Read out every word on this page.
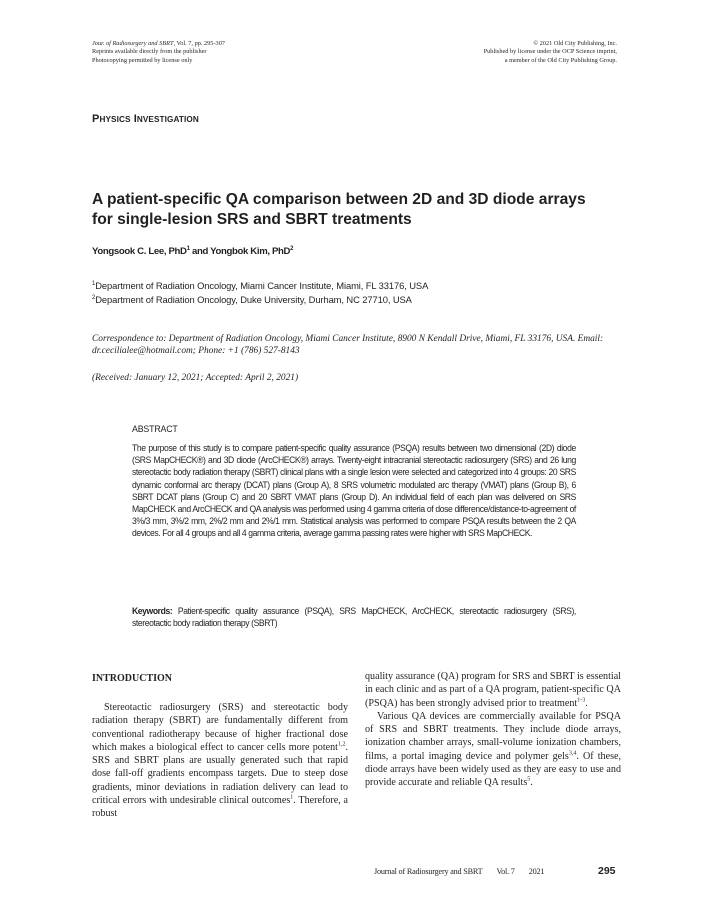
Jour. of Radiosurgery and SBRT, Vol. 7, pp. 295-307
Reprints available directly from the publisher
Photocopying permitted by license only
© 2021 Old City Publishing, Inc.
Published by license under the OCP Science imprint,
a member of the Old City Publishing Group.
PHYSICS INVESTIGATION
A patient-specific QA comparison between 2D and 3D diode arrays
for single-lesion SRS and SBRT treatments
Yongsook C. Lee, PhD$^1$ and Yongbok Kim, PhD$^2$
$^1$Department of Radiation Oncology, Miami Cancer Institute, Miami, FL 33176, USA
$^2$Department of Radiation Oncology, Duke University, Durham, NC 27710, USA
Correspondence to: Department of Radiation Oncology, Miami Cancer Institute, 8900 N Kendall Drive, Miami, FL 33176, USA. Email: dr.cecilialee@hotmail.com; Phone: +1 (786) 527-8143
(Received: January 12, 2021; Accepted: April 2, 2021)
ABSTRACT
The purpose of this study is to compare patient-specific quality assurance (PSQA) results between two dimensional (2D) diode (SRS MapCHECK®) and 3D diode (ArcCHECK®) arrays. Twenty-eight intracranial stereotactic radiosurgery (SRS) and 26 lung stereotactic body radiation therapy (SBRT) clinical plans with a single lesion were selected and categorized into 4 groups: 20 SRS dynamic conformal arc therapy (DCAT) plans (Group A), 8 SRS volumetric modulated arc therapy (VMAT) plans (Group B), 6 SBRT DCAT plans (Group C) and 20 SBRT VMAT plans (Group D). An individual field of each plan was delivered on SRS MapCHECK and ArcCHECK and QA analysis was performed using 4 gamma criteria of dose difference/distance-to-agreement of 3%/3 mm, 3%/2 mm, 2%/2 mm and 2%/1 mm. Statistical analysis was performed to compare PSQA results between the 2 QA devices. For all 4 groups and all 4 gamma criteria, average gamma passing rates were higher with SRS MapCHECK.
Keywords: Patient-specific quality assurance (PSQA), SRS MapCHECK, ArcCHECK, stereotactic radiosurgery (SRS), stereotactic body radiation therapy (SBRT)
INTRODUCTION

Stereotactic radiosurgery (SRS) and stereotactic body radiation therapy (SBRT) are fundamentally different from conventional radiotherapy because of higher fractional dose which makes a biological effect to cancer cells more potent$^{1,2}$. SRS and SBRT plans are usually generated such that rapid dose fall-off gradients encompass targets. Due to steep dose gradients, minor deviations in radiation delivery can lead to critical errors with undesirable clinical outcomes$^1$. Therefore, a robust

quality assurance (QA) program for SRS and SBRT is essential in each clinic and as part of a QA program, patient-specific QA (PSQA) has been strongly advised prior to treatment$^{1-3}$.

Various QA devices are commercially available for PSQA of SRS and SBRT treatments. They include diode arrays, ionization chamber arrays, small-volume ionization chambers, films, a portal imaging device and polymer gels$^{3,4}$. Of these, diode arrays have been widely used as they are easy to use and provide accurate and reliable QA results$^5$.

Journal of Radiosurgery and SBRT Vol. 7 2021	295
